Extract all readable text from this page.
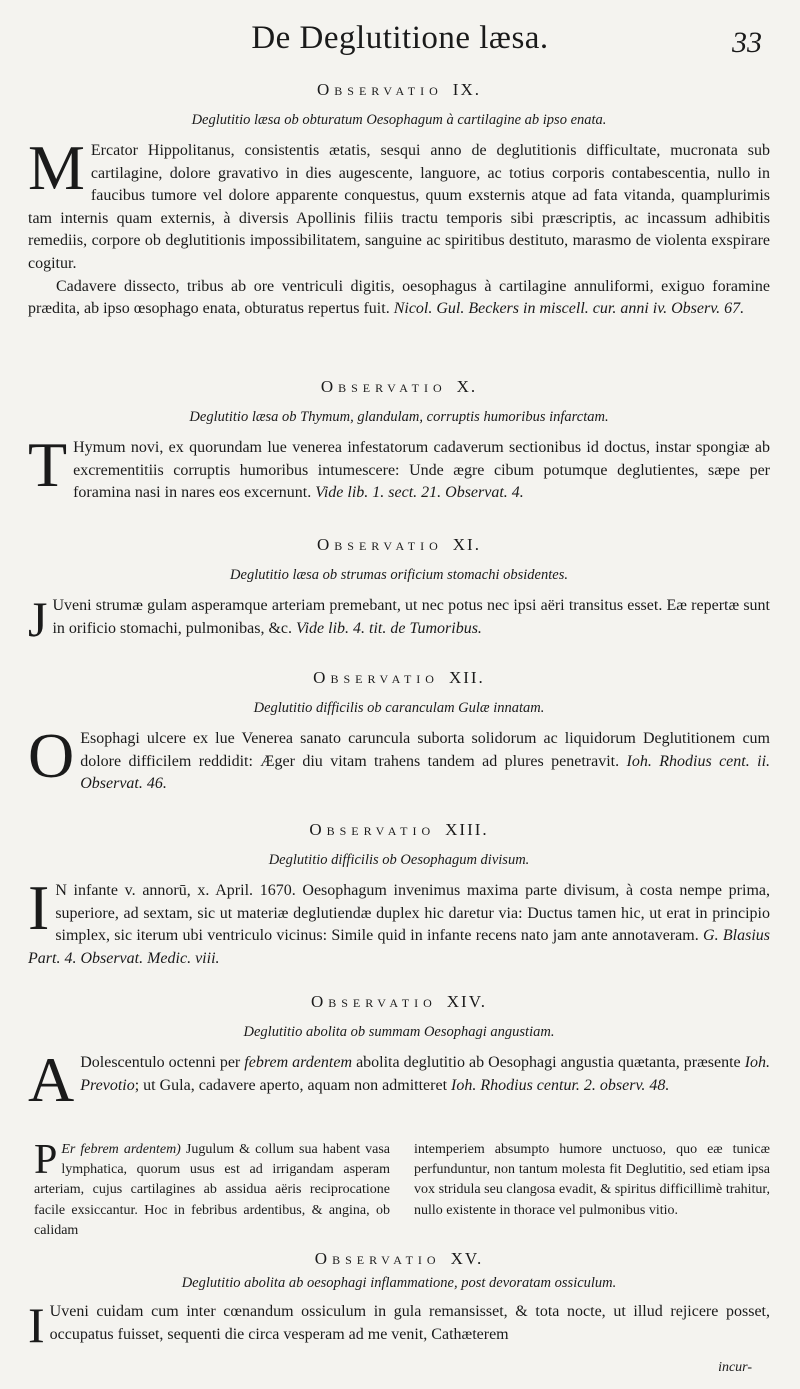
De Deglutitione læsa.	33

Observatio IX.

Deglutitio læsa ob obturatum Oesophagum à cartilagine ab ipso enata.

M Ercator Hippolitanus, consistentis ætatis, sesqui anno de deglutitionis difficultate, mucronata sub cartilagine, dolore gravativo in dies augescente, languore, ac totius corporis contabescentia, nullo in faucibus tumore vel dolore apparente conquestus, quum exsternis atque ad fata vitanda, quamplurimis tam internis quam externis, à diversis Apollinis filiis tractu temporis sibi præscriptis, ac incassum adhibitis remediis, corpore ob deglutitionis impossibilitatem, sanguine ac spiritibus destituto, marasmo de violenta exspirare cogitur.

Cadavere dissecto, tribus ab ore ventriculi digitis, oesophagus à cartilagine annuliformi, exiguo foramine prædita, ab ipso œsophago enata, obturatus repertus fuit. Nicol. Gul. Beckers in miscell. cur. anni iv. Observ. 67.

Observatio X.

Deglutitio læsa ob Thymum, glandulam, corruptis humoribus infarctam.

T Hymum novi, ex quorundam lue venerea infestatorum cadaverum sectionibus id doctus, instar spongiæ ab excrementitiis corruptis humoribus intumescere: Unde ægre cibum potumque deglutientes, sæpe per foramina nasi in nares eos excernunt. Vide lib. 1. sect. 21. Observat. 4.

Observatio XI.

Deglutitio læsa ob strumas orificium stomachi obsidentes.

J Uveni strumæ gulam asperamque arteriam premebant, ut nec potus nec ipsi aëri transitus esset. Eæ repertæ sunt in orificio stomachi, pulmonibas, &c. Vide lib. 4. tit. de Tumoribus.

Observatio XII.

Deglutitio difficilis ob caranculam Gulæ innatam.

O Esophagi ulcere ex lue Venerea sanato caruncula suborta solidorum ac liquidorum Deglutitionem cum dolore difficilem reddidit: Æger diu vitam trahens tandem ad plures penetravit. Ioh. Rhodius cent. ii. Observat. 46.

Observatio XIII.

Deglutitio difficilis ob Oesophagum divisum.

I N infante v. annorū, x. April. 1670. Oesophagum invenimus maxima parte divisum, à costa nempe prima, superiore, ad sextam, sic ut materiæ deglutiendæ duplex hic daretur via: Ductus tamen hic, ut erat in principio simplex, sic iterum ubi ventriculo vicinus: Simile quid in infante recens nato jam ante annotaveram. G. Blasius Part. 4. Observat. Medic. viii.

Observatio XIV.

Deglutitio abolita ob summam Oesophagi angustiam.

A Dolescentulo octenni per febrem ardentem abolita deglutitio ab Oesophagi angustia quætanta, præsente Ioh. Prevotio; ut Gula, cadavere aperto, aquam non admitteret Ioh. Rhodius centur. 2. observ. 48.

P Er febrem ardentem) Jugulum & collum sua habent vasa lymphatica, quorum usus est ad irrigandam asperam arteriam, cujus cartilagines ab assidua aëris reciprocatione facile exsiccantur. Hoc in febribus ardentibus, & angina, ob calidam
intemperiem absumpto humore unctuoso, quo eæ tunicæ perfunduntur, non tantum molesta fit Deglutitio, sed etiam ipsa vox stridula seu clangosa evadit, & spiritus difficillimè trahitur, nullo existente in thorace vel pulmonibus vitio.

Observatio XV.

Deglutitio abolita ab oesophagi inflammatione, post devoratam ossiculum.

I Uveni cuidam cum inter cœnandum ossiculum in gula remansisset, & tota nocte, ut illud rejicere posset, occupatus fuisset, sequenti die circa vesperam ad me venit, Cathæterem

incur-
